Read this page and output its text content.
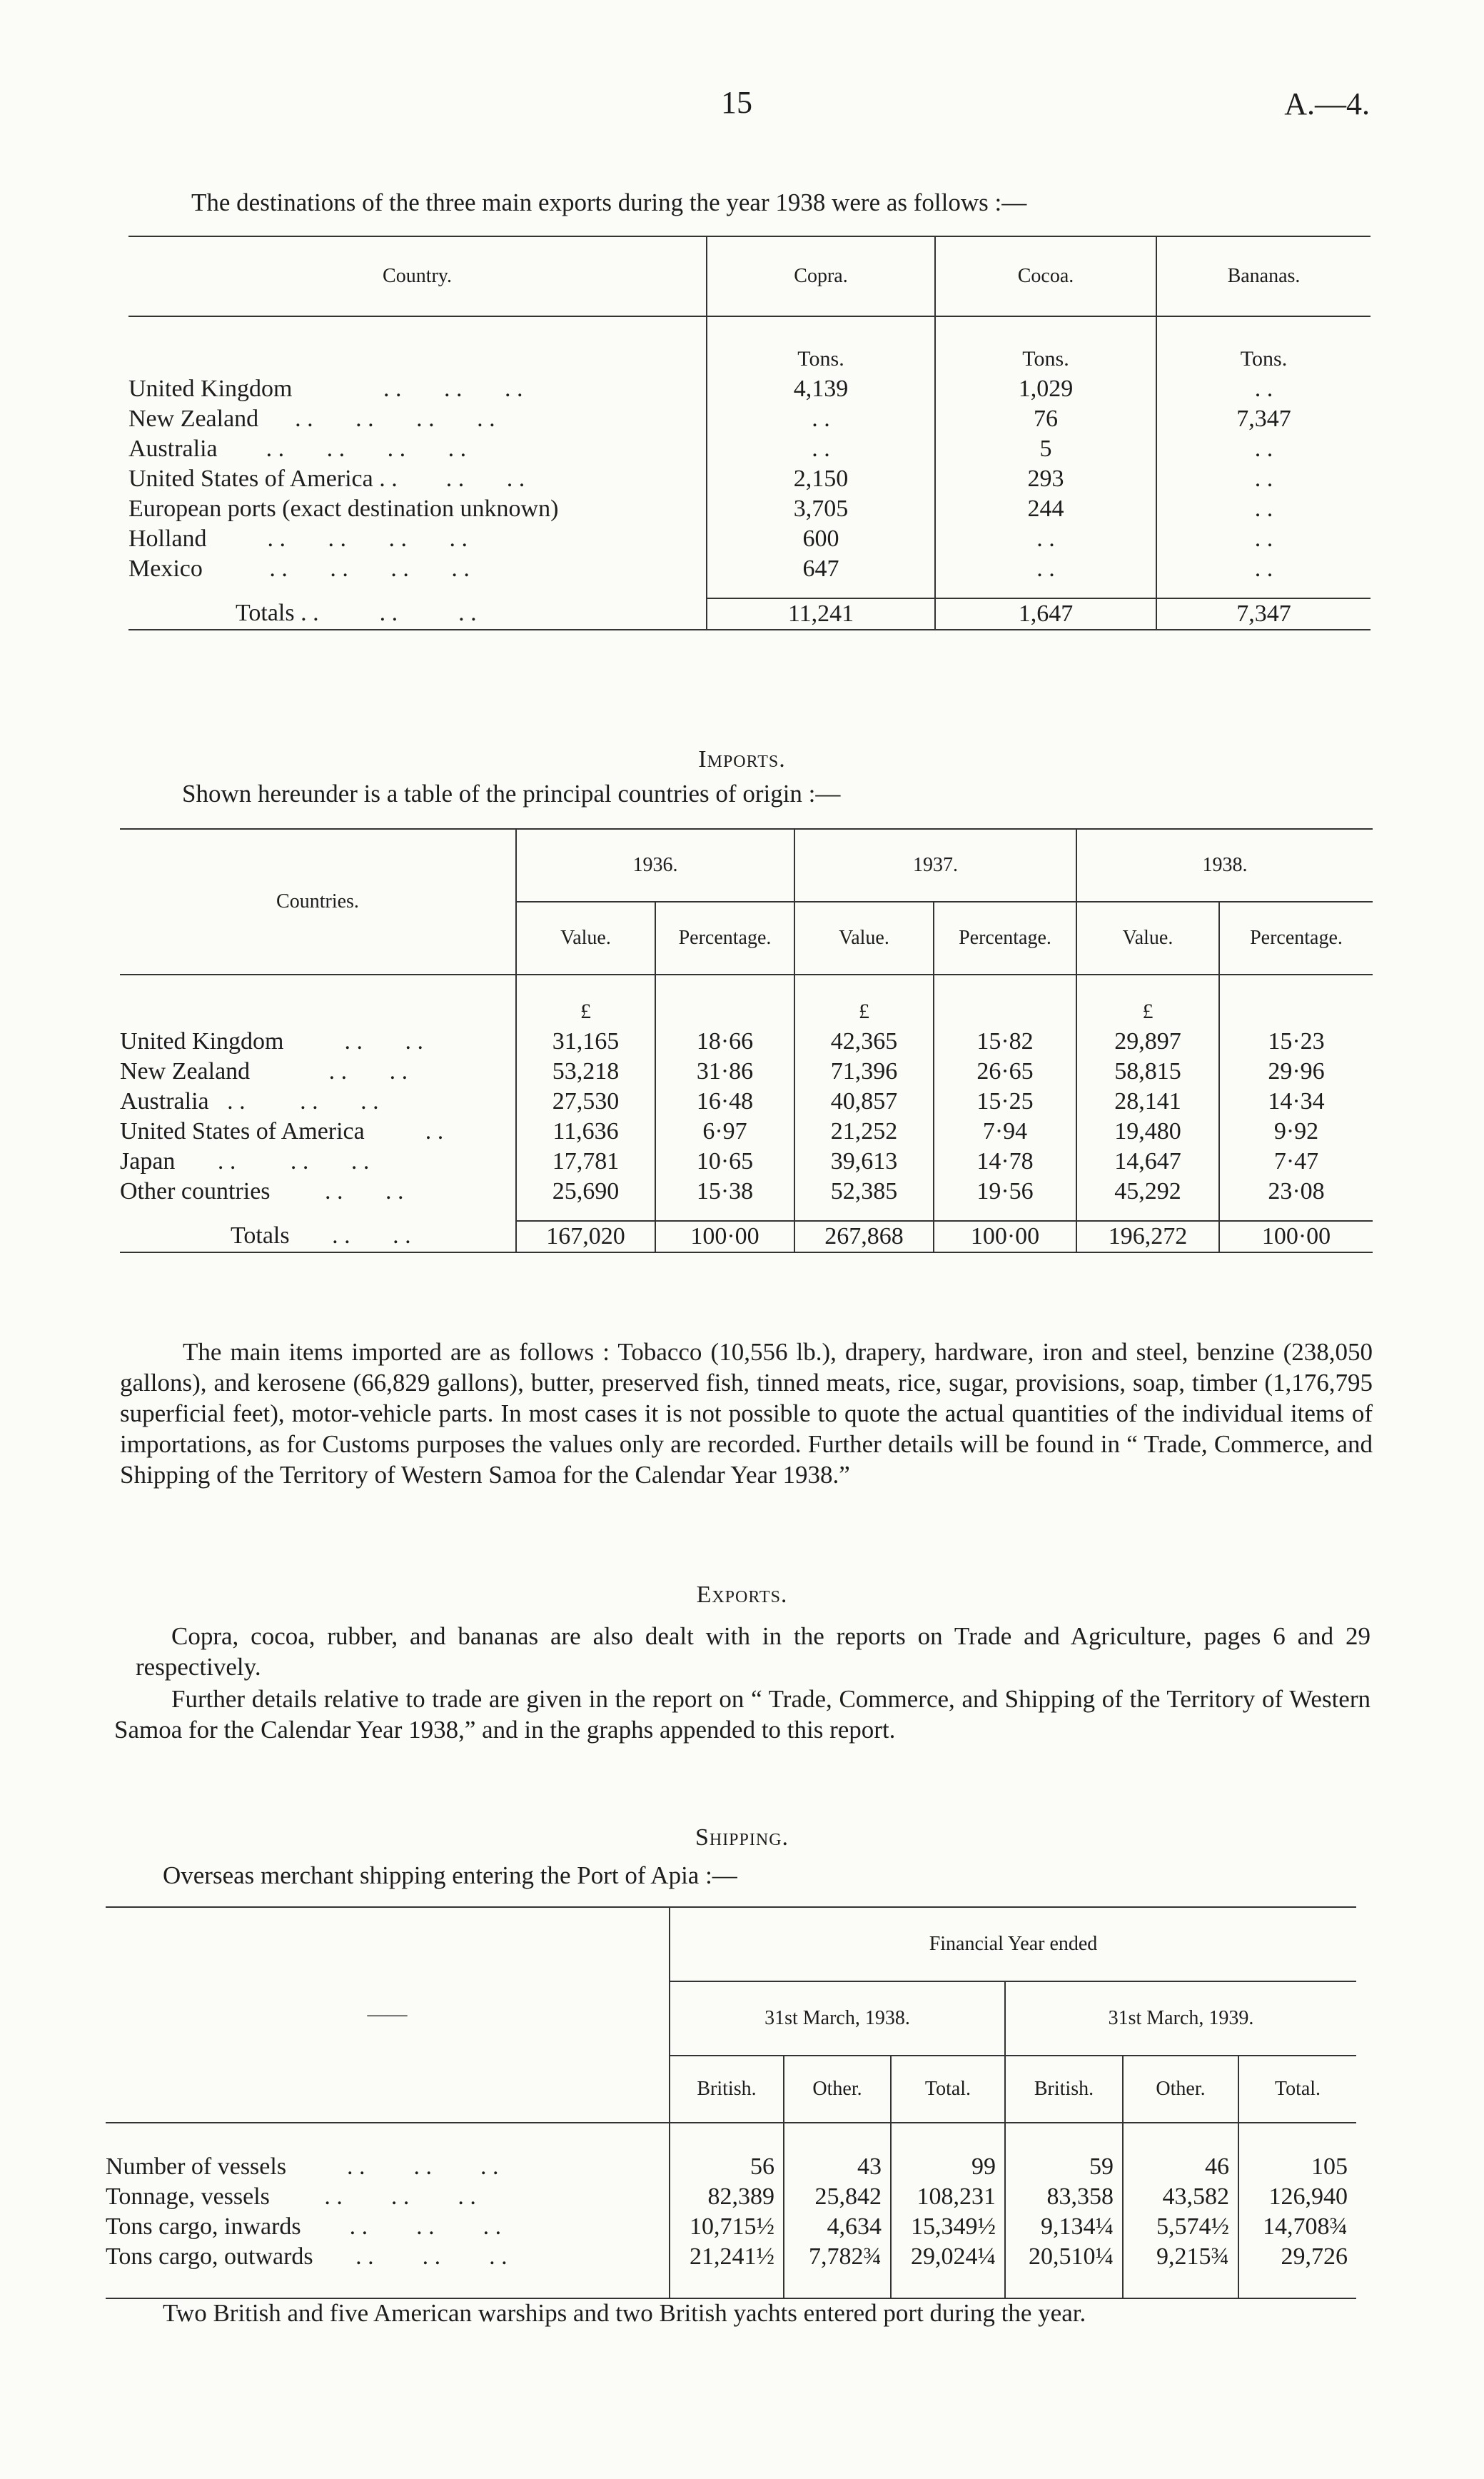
15	A.—4.
The destinations of the three main exports during the year 1938 were as follows :—
Country.	Copra.	Cocoa.	Bananas.
	Tons.	Tons.	Tons.
United Kingdom               . .       . .       . .	4,139	1,029	. .
New Zealand      . .       . .       . .       . .	. .	76	7,347
Australia        . .       . .       . .       . .	. .	5	. .
United States of America . .        . .       . .	2,150	293	. .
European ports (exact destination unknown)	3,705	244	. .
Holland          . .       . .       . .       . .	600	. .	. .
Mexico           . .       . .       . .       . .	647	. .	. .
Totals . .          . .          . .	11,241	1,647	7,347
Imports.
Shown hereunder is a table of the principal countries of origin :—
Countries.	1936.		1937.		1938.	
	Value.	Percentage.	Value.	Percentage.	Value.	Percentage.
	£		£		£	
United Kingdom          . .       . .	31,165	18·66	42,365	15·82	29,897	15·23
New Zealand             . .       . .	53,218	31·86	71,396	26·65	58,815	29·96
Australia   . .         . .       . .	27,530	16·48	40,857	15·25	28,141	14·34
United States of America          . .	11,636	6·97	21,252	7·94	19,480	9·92
Japan       . .         . .       . .	17,781	10·65	39,613	14·78	14,647	7·47
Other countries         . .       . .	25,690	15·38	52,385	19·56	45,292	23·08
Totals       . .       . .	167,020	100·00	267,868	100·00	196,272	100·00
The main items imported are as follows : Tobacco (10,556 lb.), drapery, hardware, iron and steel, benzine (238,050 gallons), and kerosene (66,829 gallons), butter, preserved fish, tinned meats, rice, sugar, provisions, soap, timber (1,176,795 superficial feet), motor-vehicle parts. In most cases it is not possible to quote the actual quantities of the individual items of importations, as for Customs purposes the values only are recorded. Further details will be found in “ Trade, Commerce, and Shipping of the Territory of Western Samoa for the Calendar Year 1938.”
Exports.
Copra, cocoa, rubber, and bananas are also dealt with in the reports on Trade and Agriculture, pages 6 and 29 respectively.
Further details relative to trade are given in the report on “ Trade, Commerce, and Shipping of the Territory of Western Samoa for the Calendar Year 1938,” and in the graphs appended to this report.
Shipping.
Overseas merchant shipping entering the Port of Apia :—
——	Financial Year ended					
	31st March, 1938.			31st March, 1939.		
	British.	Other.	Total.	British.	Other.	Total.
Number of vessels          . .        . .        . .	56	43	99	59	46	105
Tonnage, vessels         . .        . .        . .	82,389	25,842	108,231	83,358	43,582	126,940
Tons cargo, inwards        . .        . .        . .	10,715½	4,634	15,349½	9,134¼	5,574½	14,708¾
Tons cargo, outwards       . .        . .        . .	21,241½	7,782¾	29,024¼	20,510¼	9,215¾	29,726
Two British and five American warships and two British yachts entered port during the year.
